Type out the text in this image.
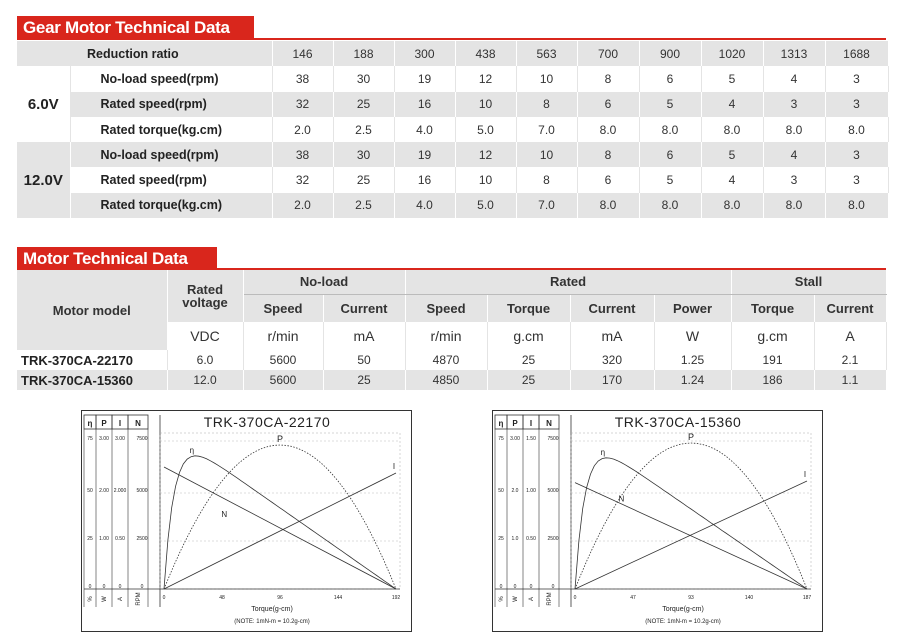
Gear Motor Technical Data
Reduction ratio		146	188	300	438	563	700	900	1020	1313	1688
6.0V	No-load speed(rpm)	38	30	19	12	10	8	6	5	4	3
	Rated speed(rpm)	32	25	16	10	8	6	5	4	3	3
	Rated torque(kg.cm)	2.0	2.5	4.0	5.0	7.0	8.0	8.0	8.0	8.0	8.0
12.0V	No-load speed(rpm)	38	30	19	12	10	8	6	5	4	3
	Rated speed(rpm)	32	25	16	10	8	6	5	4	3	3
	Rated torque(kg.cm)	2.0	2.5	4.0	5.0	7.0	8.0	8.0	8.0	8.0	8.0
Motor Technical Data
Motor model	Rated voltage	No-load		Rated				Stall	
		Speed	Current	Speed	Torque	Current	Power	Torque	Current
	VDC	r/min	mA	r/min	g.cm	mA	W	g.cm	A
TRK-370CA-22170	6.0	5600	50	4870	25	320	1.25	191	2.1
TRK-370CA-15360	12.0	5600	25	4850	25	170	1.24	186	1.1
η P I N	TRK-370CA-22170
75 3.00 3.00 7500
50 2.00 2.000 5000
25 1.00 0.50 2500
0 0	0	0
% W A RPM	0	48	96	144	192
Torque(g-cm)
(NOTE: 1mN-m = 10.2g-cm)
η
P
I
N
η P I N	TRK-370CA-15360
75 3.00 1.50 7500
50 2.0 1.00 5000
25 1.0 0.50 2500
0 0	0	0
% W A RPM	0	47	93	140	187
Torque(g-cm)
(NOTE: 1mN-m = 10.2g-cm)
η
P
I
N
